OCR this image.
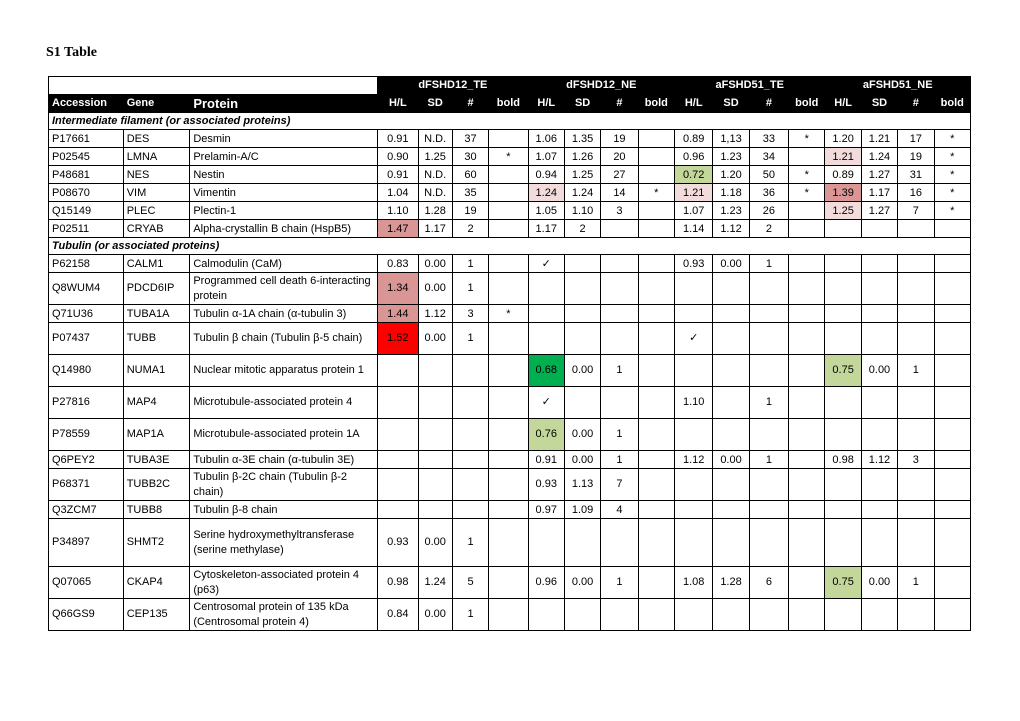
S1 Table
			dFSHD12_TE				dFSHD12_NE				aFSHD51_TE				aFSHD51_NE			
Accession	Gene	Protein	H/L	SD	#	bold	H/L	SD	#	bold	H/L	SD	#	bold	H/L	SD	#	bold
Intermediate filament (or associated proteins)																		
P17661	DES	Desmin	0.91	N.D.	37		1.06	1.35	19		0.89	1,13	33	*	1.20	1.21	17	*
P02545	LMNA	Prelamin-A/C	0.90	1.25	30	*	1.07	1.26	20		0.96	1.23	34		1.21	1.24	19	*
P48681	NES	Nestin	0.91	N.D.	60		0.94	1.25	27		0.72	1.20	50	*	0.89	1.27	31	*
P08670	VIM	Vimentin	1.04	N.D.	35		1.24	1.24	14	*	1.21	1.18	36	*	1.39	1.17	16	*
Q15149	PLEC	Plectin-1	1.10	1.28	19		1.05	1.10	3		1.07	1.23	26		1.25	1.27	7	*
P02511	CRYAB	Alpha-crystallin B chain (HspB5)	1.47	1.17	2		1.17	2			1.14	1.12	2					
Tubulin (or associated proteins)																		
P62158	CALM1	Calmodulin (CaM)	0.83	0.00	1		✓				0.93	0.00	1					
Q8WUM4	PDCD6IP	Programmed cell death 6-interacting protein	1.34	0.00	1													
Q71U36	TUBA1A	Tubulin α-1A chain (α-tubulin 3)	1.44	1.12	3	*												
P07437	TUBB	Tubulin β chain (Tubulin β-5 chain)	1.52	0.00	1						✓							
Q14980	NUMA1	Nuclear mitotic apparatus protein 1					0.68	0.00	1						0.75	0.00	1	
P27816	MAP4	Microtubule-associated protein 4					✓				1.10		1					
P78559	MAP1A	Microtubule-associated protein 1A					0.76	0.00	1									
Q6PEY2	TUBA3E	Tubulin α-3E chain (α-tubulin 3E)					0.91	0.00	1		1.12	0.00	1		0.98	1.12	3	
P68371	TUBB2C	Tubulin β-2C chain (Tubulin β-2 chain)					0.93	1.13	7									
Q3ZCM7	TUBB8	Tubulin β-8 chain					0.97	1.09	4									
P34897	SHMT2	Serine hydroxymethyltransferase (serine methylase)	0.93	0.00	1													
Q07065	CKAP4	Cytoskeleton-associated protein 4 (p63)	0.98	1.24	5		0.96	0.00	1		1.08	1.28	6		0.75	0.00	1	
Q66GS9	CEP135	Centrosomal protein of 135 kDa (Centrosomal protein 4)	0.84	0.00	1													
